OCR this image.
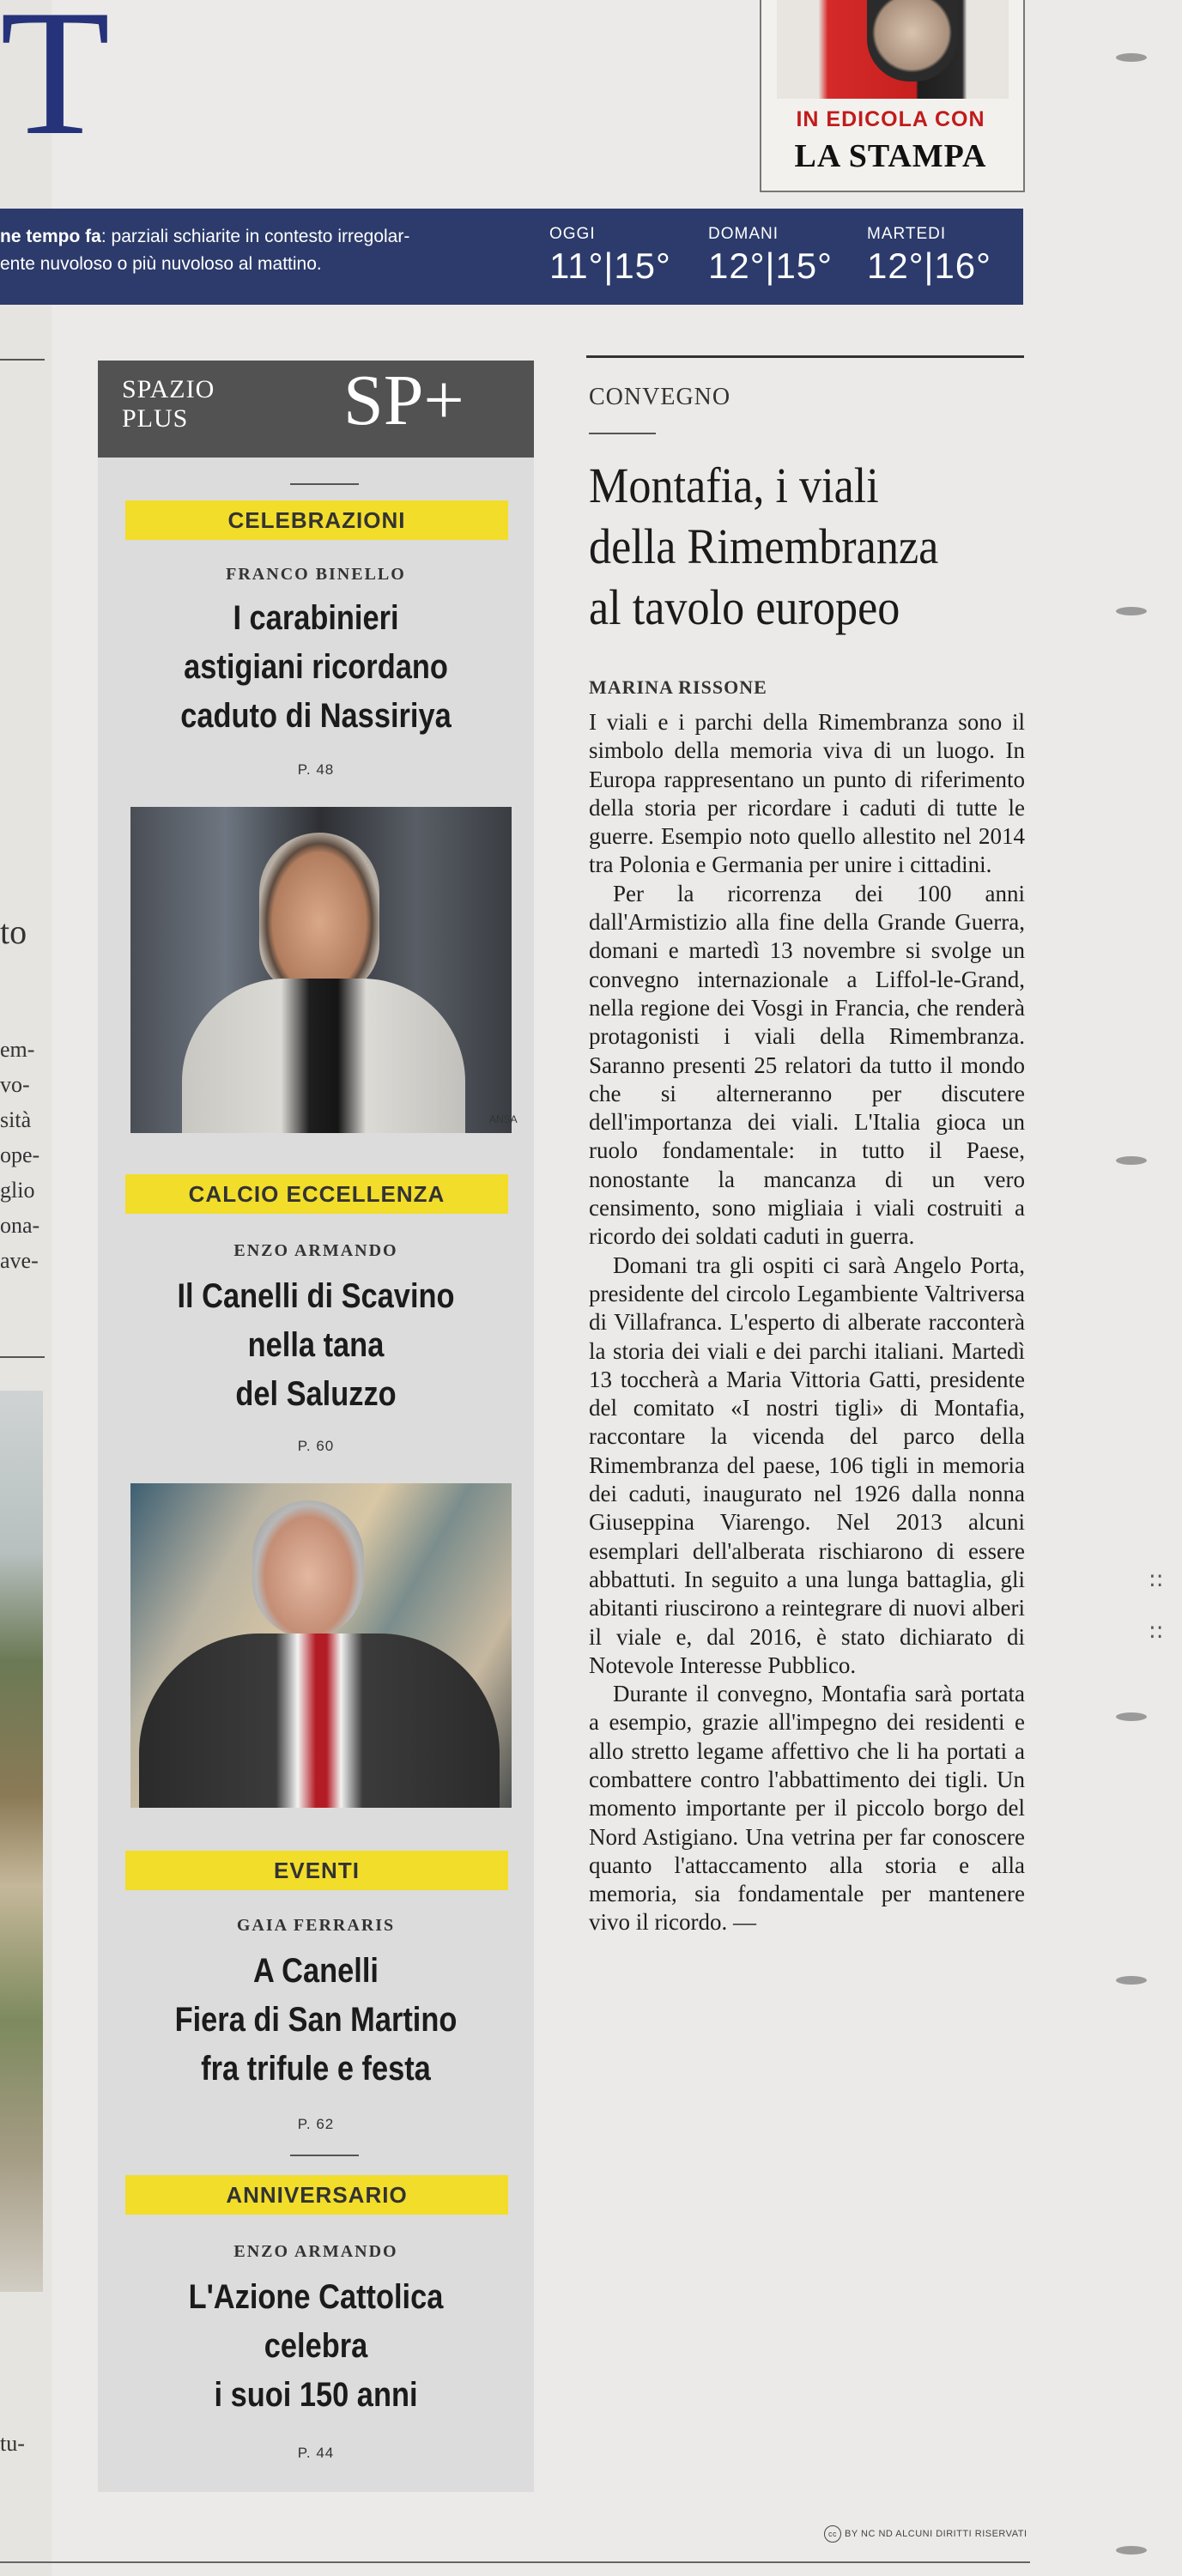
T
to
em-
vo-
sità
ope-
glio
ona-
ave-
tu-
IN EDICOLA CON
LA STAMPA
ne tempo fa: parziali schiarite in contesto irregolar-
ente nuvoloso o più nuvoloso al mattino.
OGGI
11°|15°
DOMANI
12°|15°
MARTEDI
12°|16°
SPAZIO
PLUS	SP+
CELEBRAZIONI
FRANCO BINELLO
I carabinieri
astigiani ricordano
caduto di Nassiriya
P. 48
ANSA
CALCIO ECCELLENZA
ENZO ARMANDO
Il Canelli di Scavino
nella tana
del Saluzzo
P. 60
EVENTI
GAIA FERRARIS
A Canelli
Fiera di San Martino
fra trifule e festa
P. 62
ANNIVERSARIO
ENZO ARMANDO
L'Azione Cattolica
celebra
i suoi 150 anni
P. 44
CONVEGNO
Montafia, i viali
della Rimembranza
al tavolo europeo
MARINA RISSONE

I viali e i parchi della Rimembranza sono il simbolo della memoria viva di un luogo. In Europa rappresentano un punto di riferimento della storia per ricordare i caduti di tutte le guerre. Esempio noto quello allestito nel 2014 tra Polonia e Germania per unire i cittadini.

Per la ricorrenza dei 100 anni dall'Armistizio alla fine della Grande Guerra, domani e martedì 13 novembre si svolge un convegno internazionale a Liffol-le-Grand, nella regione dei Vosgi in Francia, che renderà protagonisti i viali della Rimembranza. Saranno presenti 25 relatori da tutto il mondo che si alterneranno per discutere dell'importanza dei viali. L'Italia gioca un ruolo fondamentale: in tutto il Paese, nonostante la mancanza di un vero censimento, sono migliaia i viali costruiti a ricordo dei soldati caduti in guerra.

Domani tra gli ospiti ci sarà Angelo Porta, presidente del circolo Legambiente Valtriversa di Villafranca. L'esperto di alberate racconterà la storia dei viali e dei parchi italiani. Martedì 13 toccherà a Maria Vittoria Gatti, presidente del comitato «I nostri tigli» di Montafia, raccontare la vicenda del parco della Rimembranza del paese, 106 tigli in memoria dei caduti, inaugurato nel 1926 dalla nonna Giuseppina Viarengo. Nel 2013 alcuni esemplari dell'alberata rischiarono di essere abbattuti. In seguito a una lunga battaglia, gli abitanti riuscirono a reintegrare di nuovi alberi il viale e, dal 2016, è stato dichiarato di Notevole Interesse Pubblico.

Durante il convegno, Montafia sarà portata a esempio, grazie all'impegno dei residenti e allo stretto legame affettivo che li ha portati a combattere contro l'abbattimento dei tigli. Un momento importante per il piccolo borgo del Nord Astigiano. Una vetrina per far conoscere quanto l'attaccamento alla storia e alla memoria, sia fondamentale per mantenere vivo il ricordo. —

cc BY NC ND ALCUNI DIRITTI RISERVATI
::
::
